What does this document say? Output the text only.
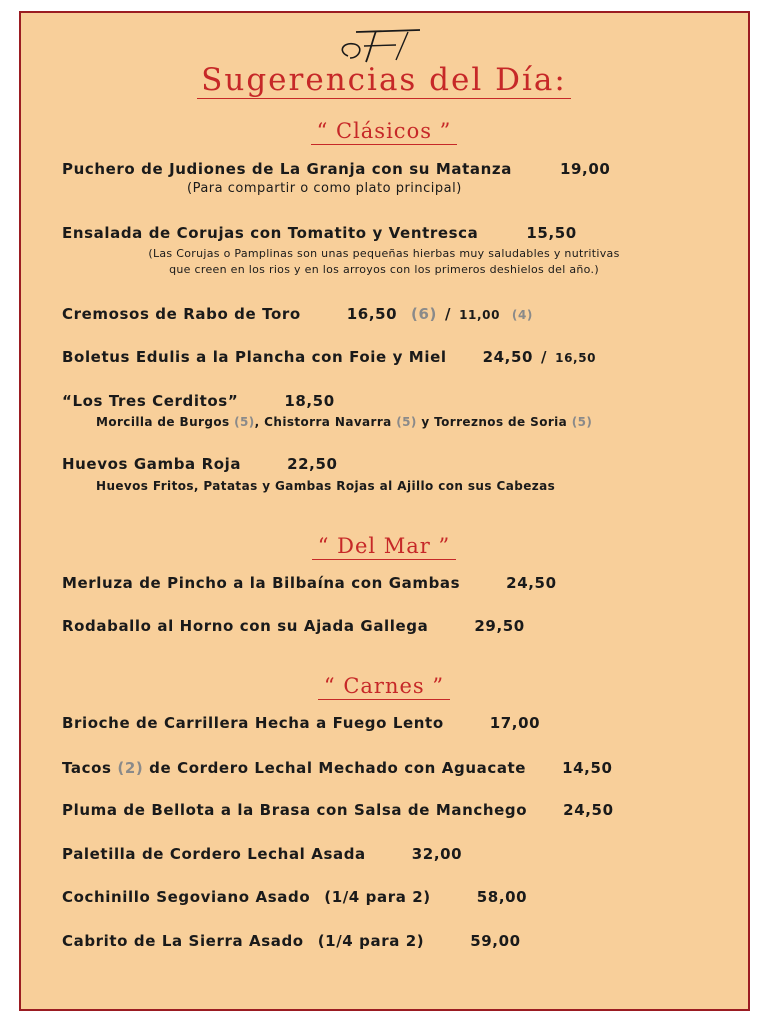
Sugerencias del Día:
“ Clásicos ”
Puchero de Judiones de La Granja con su Matanza	19,00
(Para compartir o como plato principal)
Ensalada de Corujas con Tomatito y Ventresca	15,50
(Las Corujas o Pamplinas son unas pequeñas hierbas muy saludables y nutritivas
que creen en los rios y en los arroyos con los primeros deshielos del año.)
Cremosos de Rabo de Toro	16,50 (6) / 11,00 (4)
Boletus Edulis a la Plancha con Foie y Miel 24,50 / 16,50
“Los Tres Cerditos”	18,50
Morcilla de Burgos (5), Chistorra Navarra (5) y Torreznos de Soria (5)
Huevos Gamba Roja	22,50
Huevos Fritos, Patatas y Gambas Rojas al Ajillo con sus Cabezas
“ Del Mar ”
Merluza de Pincho a la Bilbaína con Gambas	24,50
Rodaballo al Horno con su Ajada Gallega	29,50
“ Carnes ”
Brioche de Carrillera Hecha a Fuego Lento	17,00
Tacos (2) de Cordero Lechal Mechado con Aguacate 14,50
Pluma de Bellota a la Brasa con Salsa de Manchego 24,50
Paletilla de Cordero Lechal Asada	32,00
Cochinillo Segoviano Asado (1/4 para 2)	58,00
Cabrito de La Sierra Asado (1/4 para 2)	59,00
